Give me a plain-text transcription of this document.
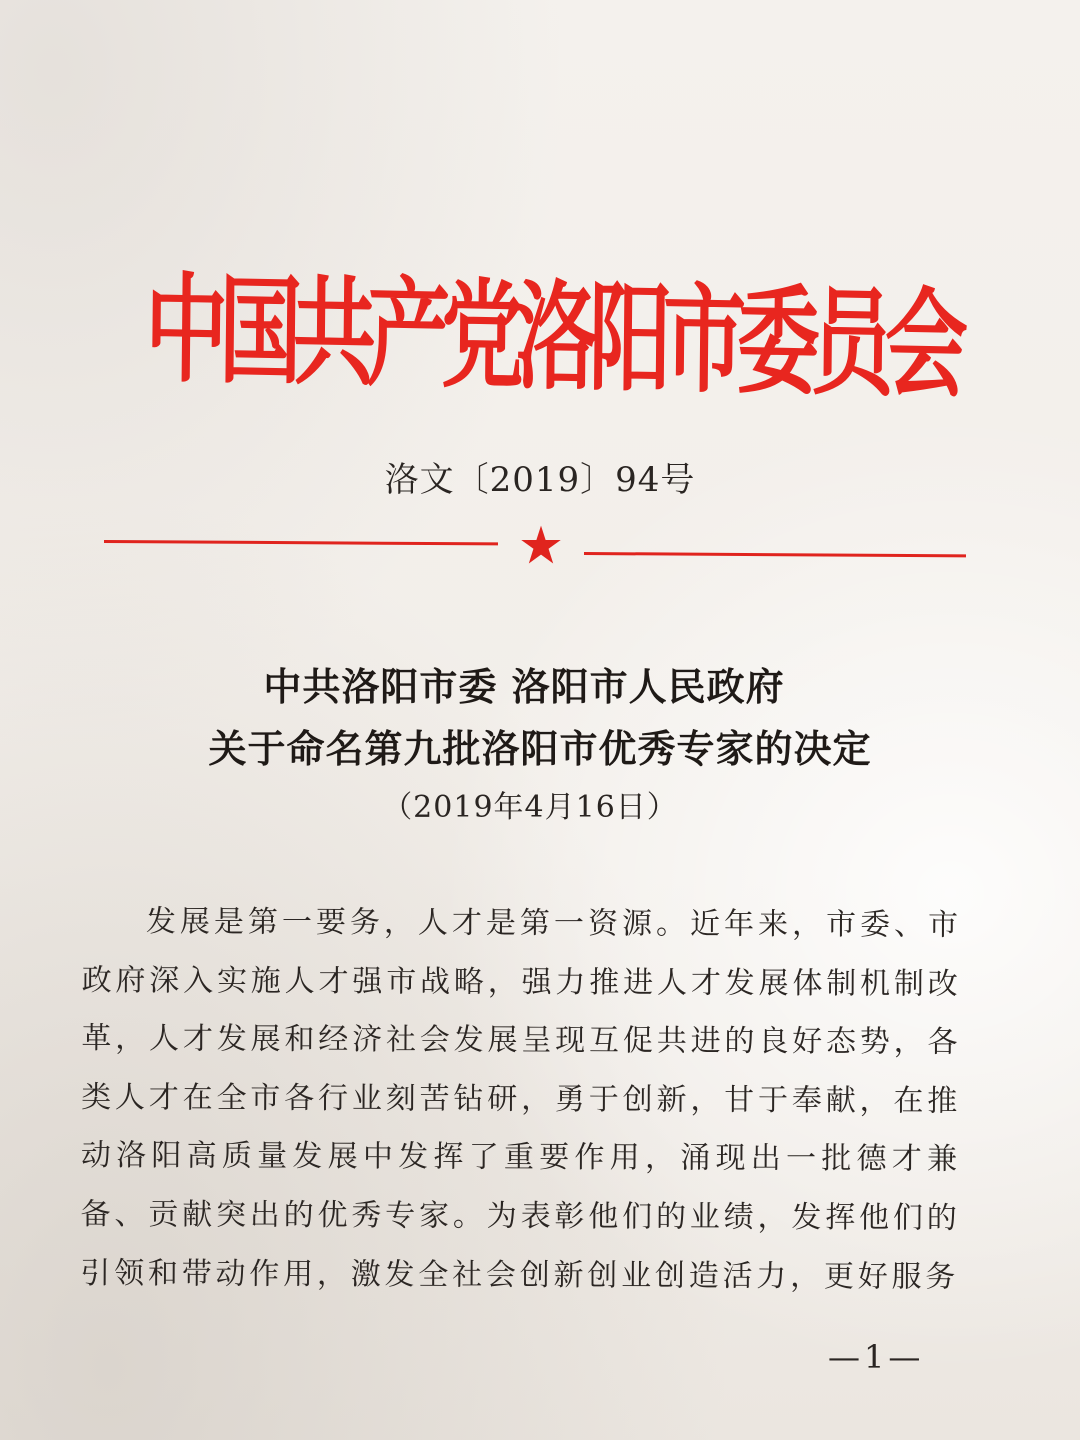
中国共产党洛阳市委员会
洛文〔2019〕94号
中共洛阳市委 洛阳市人民政府
关于命名第九批洛阳市优秀专家的决定
（2019年4月16日）
发展是第一要务，人才是第一资源。近年来，市委、市政府深入实施人才强市战略，强力推进人才发展体制机制改革，人才发展和经济社会发展呈现互促共进的良好态势，各类人才在全市各行业刻苦钻研，勇于创新，甘于奉献，在推动洛阳高质量发展中发挥了重要作用，涌现出一批德才兼备、贡献突出的优秀专家。为表彰他们的业绩，发挥他们的引领和带动作用，激发全社会创新创业创造活力，更好服务
—1—
